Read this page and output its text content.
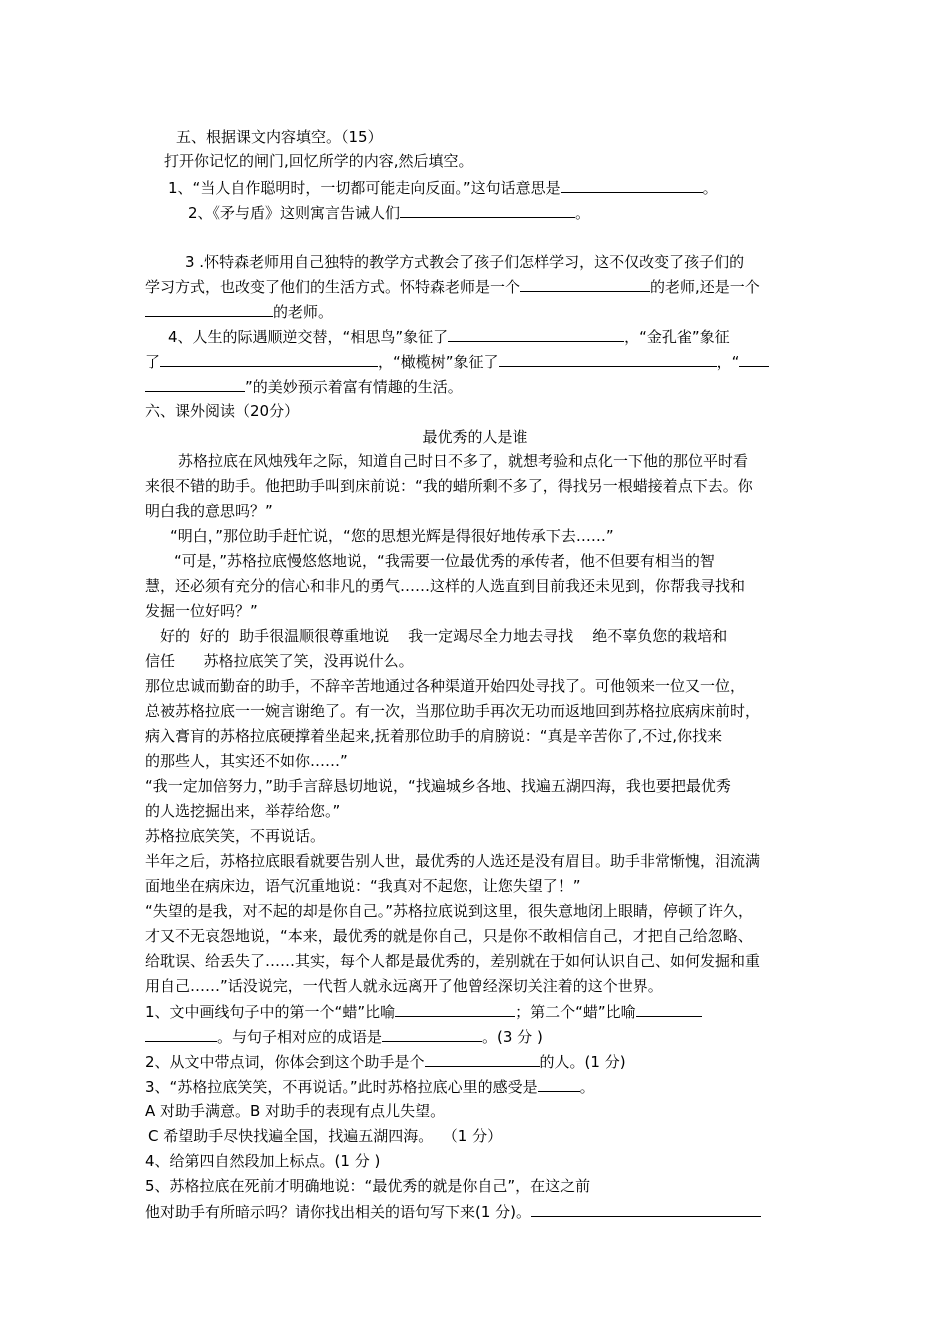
五、根据课文内容填空。（15）
打开你记忆的闸门,回忆所学的内容,然后填空。
1、“当人自作聪明时，一切都可能走向反面。”这句话意思是	。
2、《矛与盾》这则寓言告诫人们	。
3 .怀特森老师用自己独特的教学方式教会了孩子们怎样学习，这不仅改变了孩子们的
学习方式，也改变了他们的生活方式。怀特森老师是一个	的老师,还是一个
的老师。
4、人生的际遇顺逆交替，“相思鸟”象征了	，“金孔雀”象征
了	，“橄榄树”象征了	，“
”的美妙预示着富有情趣的生活。
六、课外阅读（20分）
最优秀的人是谁
苏格拉底在风烛残年之际，知道自己时日不多了，就想考验和点化一下他的那位平时看
来很不错的助手。他把助手叫到床前说：“我的蜡所剩不多了，得找另一根蜡接着点下去。你
明白我的意思吗？”
“明白，”那位助手赶忙说，“您的思想光辉是得很好地传承下去……”
“可是，”苏格拉底慢悠悠地说，“我需要一位最优秀的承传者，他不但要有相当的智
慧，还必须有充分的信心和非凡的勇气……这样的人选直到目前我还未见到，你帮我寻找和
发掘一位好吗？”
好的  好的  助手很温顺很尊重地说    我一定竭尽全力地去寻找    绝不辜负您的栽培和
信任      苏格拉底笑了笑，没再说什么。
那位忠诚而勤奋的助手，不辞辛苦地通过各种渠道开始四处寻找了。可他领来一位又一位，
总被苏格拉底一一婉言谢绝了。有一次，当那位助手再次无功而返地回到苏格拉底病床前时，
病入膏肓的苏格拉底硬撑着坐起来,抚着那位助手的肩膀说：“真是辛苦你了,不过,你找来
的那些人，其实还不如你……”
“我一定加倍努力，”助手言辞恳切地说，“找遍城乡各地、找遍五湖四海，我也要把最优秀
的人选挖掘出来，举荐给您。”
苏格拉底笑笑，不再说话。
半年之后，苏格拉底眼看就要告别人世，最优秀的人选还是没有眉目。助手非常惭愧，泪流满
面地坐在病床边，语气沉重地说：“我真对不起您，让您失望了！”
“失望的是我，对不起的却是你自己。”苏格拉底说到这里，很失意地闭上眼睛，停顿了许久，
才又不无哀怨地说，“本来，最优秀的就是你自己，只是你不敢相信自己，才把自己给忽略、
给耽误、给丢失了……其实，每个人都是最优秀的，差别就在于如何认识自己、如何发掘和重
用自己……”话没说完，一代哲人就永远离开了他曾经深切关注着的这个世界。
1、文中画线句子中的第一个“蜡”比喻	；第二个“蜡”比喻
。与句子相对应的成语是	。(3 分 )
2、从文中带点词，你体会到这个助手是个	的人。(1 分)
3、“苏格拉底笑笑，不再说话。”此时苏格拉底心里的感受是	。
A 对助手满意。B 对助手的表现有点儿失望。
C 希望助手尽快找遍全国，找遍五湖四海。  （1 分）
4、给第四自然段加上标点。(1 分 )
5、苏格拉底在死前才明确地说：“最优秀的就是你自己”，在这之前
他对助手有所暗示吗？请你找出相关的语句写下来(1 分)。
